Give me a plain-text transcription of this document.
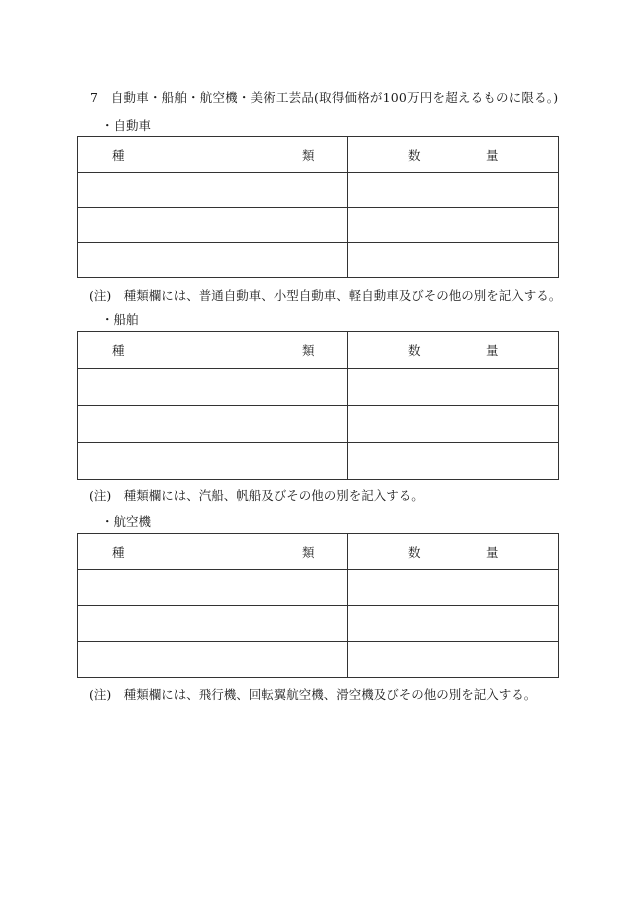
7　自動車・船舶・航空機・美術工芸品(取得価格が100万円を超えるものに限る。)
・自動車
種 類	数 量

(注)　種類欄には、普通自動車、小型自動車、軽自動車及びその他の別を記入する。
・船舶
種 類	数 量

(注)　種類欄には、汽船、帆船及びその他の別を記入する。
・航空機
種 類	数 量

(注)　種類欄には、飛行機、回転翼航空機、滑空機及びその他の別を記入する。
